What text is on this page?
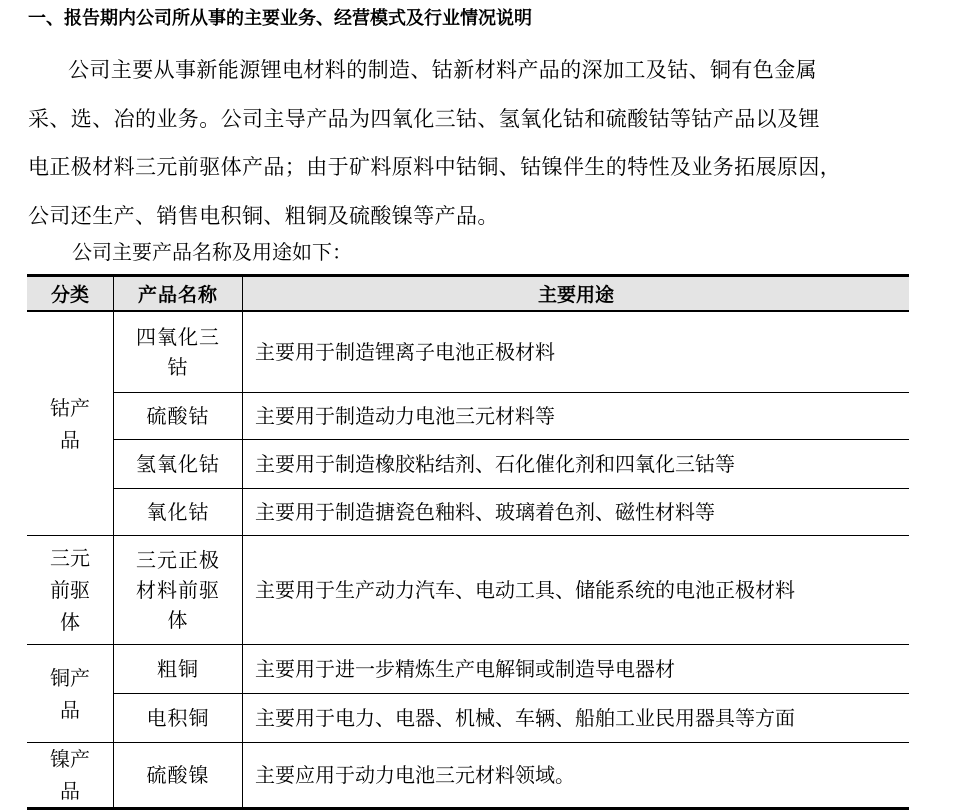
一、报告期内公司所从事的主要业务、经营模式及行业情况说明
公司主要从事新能源锂电材料的制造、钴新材料产品的深加工及钴、铜有色金属
采、选、冶的业务。公司主导产品为四氧化三钴、氢氧化钴和硫酸钴等钴产品以及锂
电正极材料三元前驱体产品；由于矿料原料中钴铜、钴镍伴生的特性及业务拓展原因，
公司还生产、销售电积铜、粗铜及硫酸镍等产品。
公司主要产品名称及用途如下：
分类	产品名称	主要用途
钴产品	四氧化三钴	主要用于制造锂离子电池正极材料
	硫酸钴	主要用于制造动力电池三元材料等
	氢氧化钴	主要用于制造橡胶粘结剂、石化催化剂和四氧化三钴等
	氧化钴	主要用于制造搪瓷色釉料、玻璃着色剂、磁性材料等
三元前驱体	三元正极材料前驱体	主要用于生产动力汽车、电动工具、储能系统的电池正极材料
铜产品	粗铜	主要用于进一步精炼生产电解铜或制造导电器材
	电积铜	主要用于电力、电器、机械、车辆、船舶工业民用器具等方面
镍产品	硫酸镍	主要应用于动力电池三元材料领域。
